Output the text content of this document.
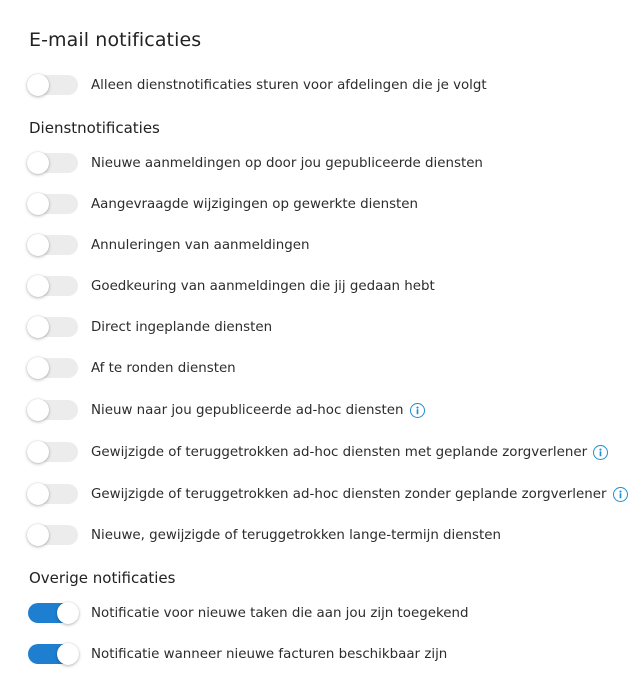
E-mail notificaties
Alleen dienstnotificaties sturen voor afdelingen die je volgt
Dienstnotificaties
Nieuwe aanmeldingen op door jou gepubliceerde diensten
Aangevraagde wijzigingen op gewerkte diensten
Annuleringen van aanmeldingen
Goedkeuring van aanmeldingen die jij gedaan hebt
Direct ingeplande diensten
Af te ronden diensten
Nieuw naar jou gepubliceerde ad-hoc diensten
Gewijzigde of teruggetrokken ad-hoc diensten met geplande zorgverlener
Gewijzigde of teruggetrokken ad-hoc diensten zonder geplande zorgverlener
Nieuwe, gewijzigde of teruggetrokken lange-termijn diensten
Overige notificaties
Notificatie voor nieuwe taken die aan jou zijn toegekend
Notificatie wanneer nieuwe facturen beschikbaar zijn
